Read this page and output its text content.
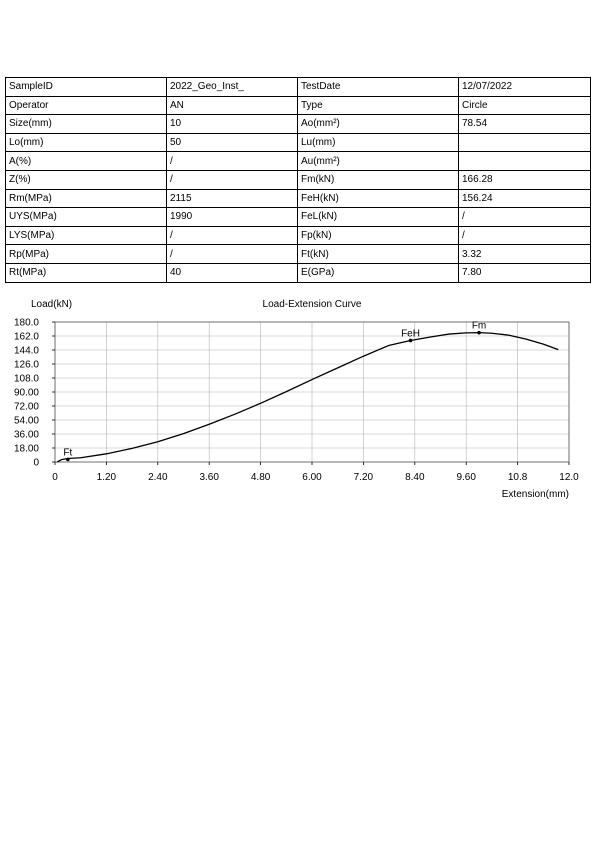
SampleID	2022_Geo_Inst_	TestDate	12/07/2022
Operator	AN	Type	Circle
Size(mm)	10	Ao(mm²)	78.54
Lo(mm)	50	Lu(mm)	
A(%)	/	Au(mm²)	
Z(%)	/	Fm(kN)	166.28
Rm(MPa)	2115	FeH(kN)	156.24
UYS(MPa)	1990	FeL(kN)	/
LYS(MPa)	/	Fp(kN)	/
Rp(MPa)	/	Ft(kN)	3.32
Rt(MPa)	40	E(GPa)	7.80
Load(kN)	Load-Extension Curve
0	1.20	2.40	3.60	4.80	6.00	7.20	8.40	9.60	10.8	12.0
0
18.00
36.00
54.00
72.00
90.00
108.0
126.0
144.0
162.0
180.0
Ft
FeH
Fm
Extension(mm)
